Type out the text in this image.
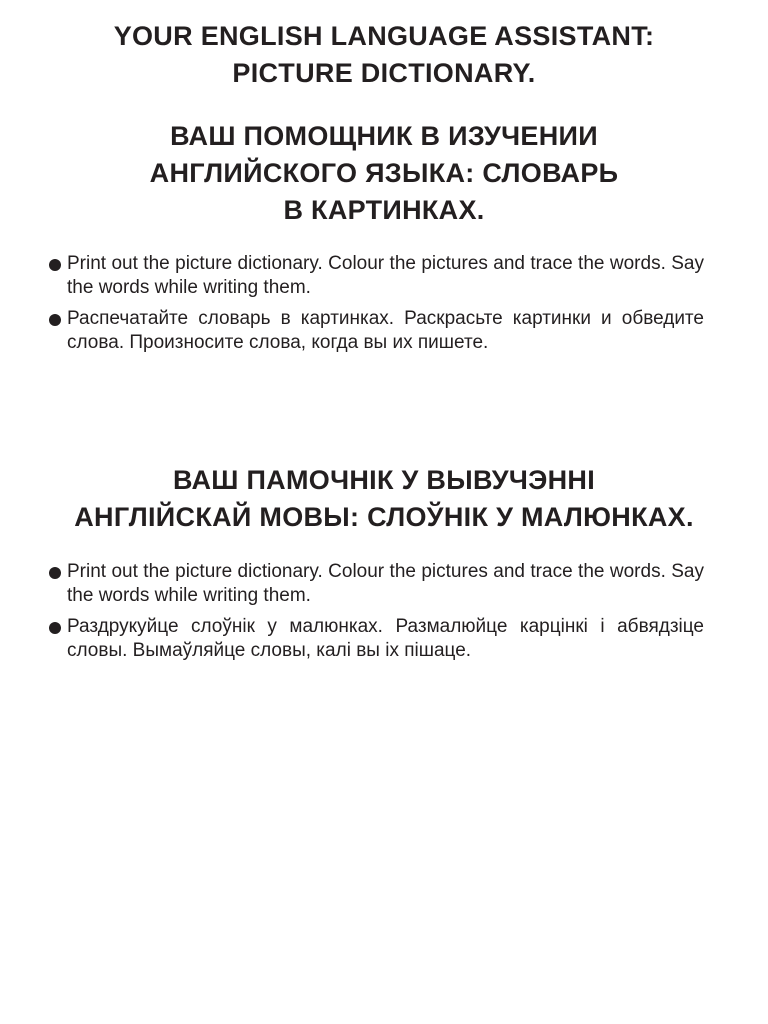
YOUR ENGLISH LANGUAGE ASSISTANT:
PICTURE DICTIONARY.
ВАШ ПОМОЩНИК В ИЗУЧЕНИИ
АНГЛИЙСКОГО ЯЗЫКА: СЛОВАРЬ
В КАРТИНКАХ.
Print out the picture dictionary. Colour the pictures and trace the words. Say the words while writing them.
Распечатайте словарь в картинках. Раскрасьте картинки и обведите слова. Произносите слова, когда вы их пишете.
ВАШ ПАМОЧНІК У ВЫВУЧЭННІ
АНГЛІЙСКАЙ МОВЫ: СЛОЎНІК У МАЛЮНКАХ.
Print out the picture dictionary. Colour the pictures and trace the words. Say the words while writing them.
Раздрукуйце слоўнік у малюнках. Размалюйце карцінкі і абвядзіце словы. Вымаўляйце словы, калі вы іх пішаце.
